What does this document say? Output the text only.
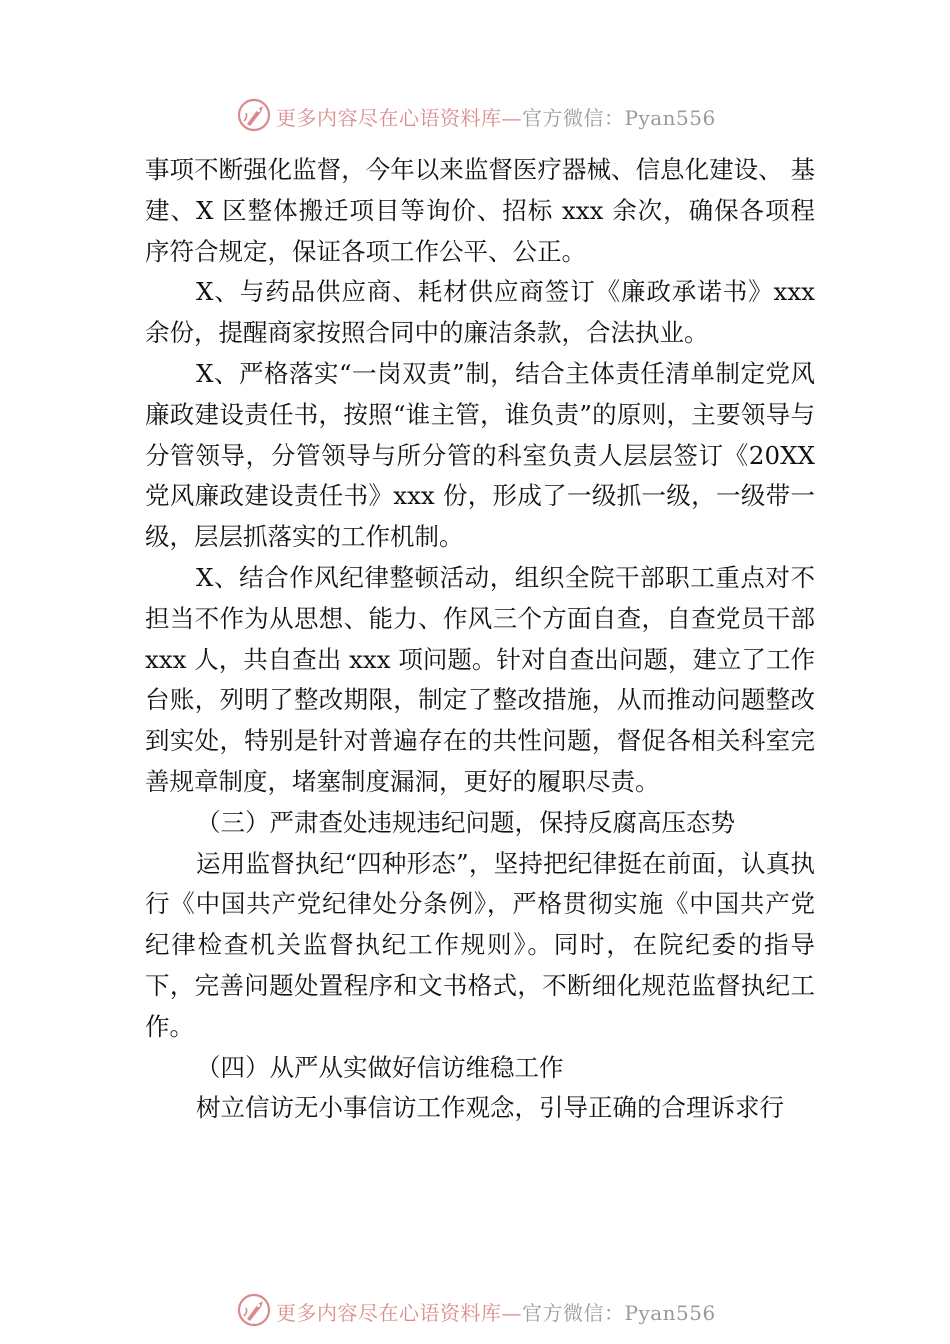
更多内容尽在心语资料库—官方微信：Pyan556

事项不断强化监督，今年以来监督医疗器械、信息化建设、 基建、X 区整体搬迁项目等询价、招标 xxx 余次，确保各项程序符合规定，保证各项工作公平、公正。

X、与药品供应商、耗材供应商签订《廉政承诺书》xxx 余份，提醒商家按照合同中的廉洁条款，合法执业。

X、严格落实“一岗双责”制，结合主体责任清单制定党风廉政建设责任书，按照“谁主管，谁负责”的原则，主要领导与分管领导，分管领导与所分管的科室负责人层层签订《20XX 党风廉政建设责任书》xxx 份，形成了一级抓一级，一级带一级，层层抓落实的工作机制。

X、结合作风纪律整顿活动，组织全院干部职工重点对不担当不作为从思想、能力、作风三个方面自查，自查党员干部 xxx 人，共自查出 xxx 项问题。针对自查出问题，建立了工作台账，列明了整改期限，制定了整改措施，从而推动问题整改到实处，特别是针对普遍存在的共性问题，督促各相关科室完善规章制度，堵塞制度漏洞，更好的履职尽责。

（三）严肃查处违规违纪问题，保持反腐高压态势

运用监督执纪“四种形态”，坚持把纪律挺在前面，认真执行《中国共产党纪律处分条例》，严格贯彻实施《中国共产党纪律检查机关监督执纪工作规则》。同时，在院纪委的指导下，完善问题处置程序和文书格式，不断细化规范监督执纪工作。

（四）从严从实做好信访维稳工作

树立信访无小事信访工作观念，引导正确的合理诉求行

更多内容尽在心语资料库—官方微信：Pyan556
